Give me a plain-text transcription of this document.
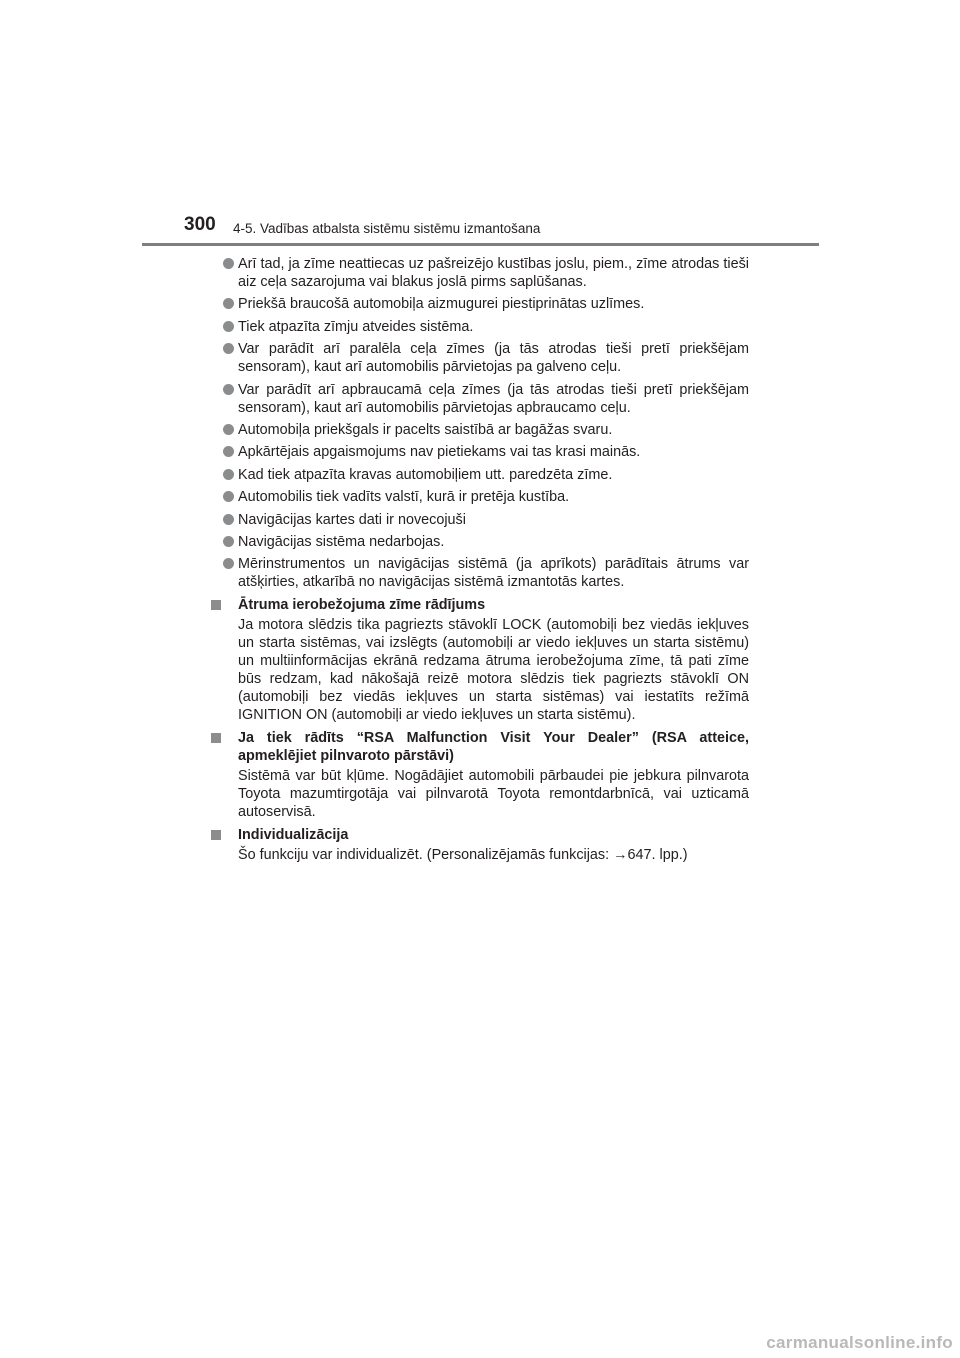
300 4-5. Vadības atbalsta sistēmu sistēmu izmantošana
Arī tad, ja zīme neattiecas uz pašreizējo kustības joslu, piem., zīme atrodas tieši aiz ceļa sazarojuma vai blakus joslā pirms saplūšanas.
Priekšā braucošā automobiļa aizmugurei piestiprinātas uzlīmes.
Tiek atpazīta zīmju atveides sistēma.
Var parādīt arī paralēla ceļa zīmes (ja tās atrodas tieši pretī priekšējam sensoram), kaut arī automobilis pārvietojas pa galveno ceļu.
Var parādīt arī apbraucamā ceļa zīmes (ja tās atrodas tieši pretī priekšējam sensoram), kaut arī automobilis pārvietojas apbraucamo ceļu.
Automobiļa priekšgals ir pacelts saistībā ar bagāžas svaru.
Apkārtējais apgaismojums nav pietiekams vai tas krasi mainās.
Kad tiek atpazīta kravas automobiļiem utt. paredzēta zīme.
Automobilis tiek vadīts valstī, kurā ir pretēja kustība.
Navigācijas kartes dati ir novecojuši
Navigācijas sistēma nedarbojas.
Mērinstrumentos un navigācijas sistēmā (ja aprīkots) parādītais ātrums var atšķirties, atkarībā no navigācijas sistēmā izmantotās kartes.
Ātruma ierobežojuma zīme rādījums
Ja motora slēdzis tika pagriezts stāvoklī LOCK (automobiļi bez viedās iekļuves un starta sistēmas, vai izslēgts (automobiļi ar viedo iekļuves un starta sistēmu) un multiinformācijas ekrānā redzama ātruma ierobežojuma zīme, tā pati zīme būs redzam, kad nākošajā reizē motora slēdzis tiek pagriezts stāvoklī ON (automobiļi bez viedās iekļuves un starta sistēmas) vai iestatīts režīmā IGNITION ON (automobiļi ar viedo iekļuves un starta sistēmu).
Ja tiek rādīts “RSA Malfunction Visit Your Dealer” (RSA atteice, apmeklējiet pilnvaroto pārstāvi)
Sistēmā var būt kļūme. Nogādājiet automobili pārbaudei pie jebkura pilnvarota Toyota mazumtirgotāja vai pilnvarotā Toyota remontdarbnīcā, vai uzticamā autoservisā.
Individualizācija
Šo funkciju var individualizēt. (Personalizējamās funkcijas: →647. lpp.)
carmanualsonline.info
